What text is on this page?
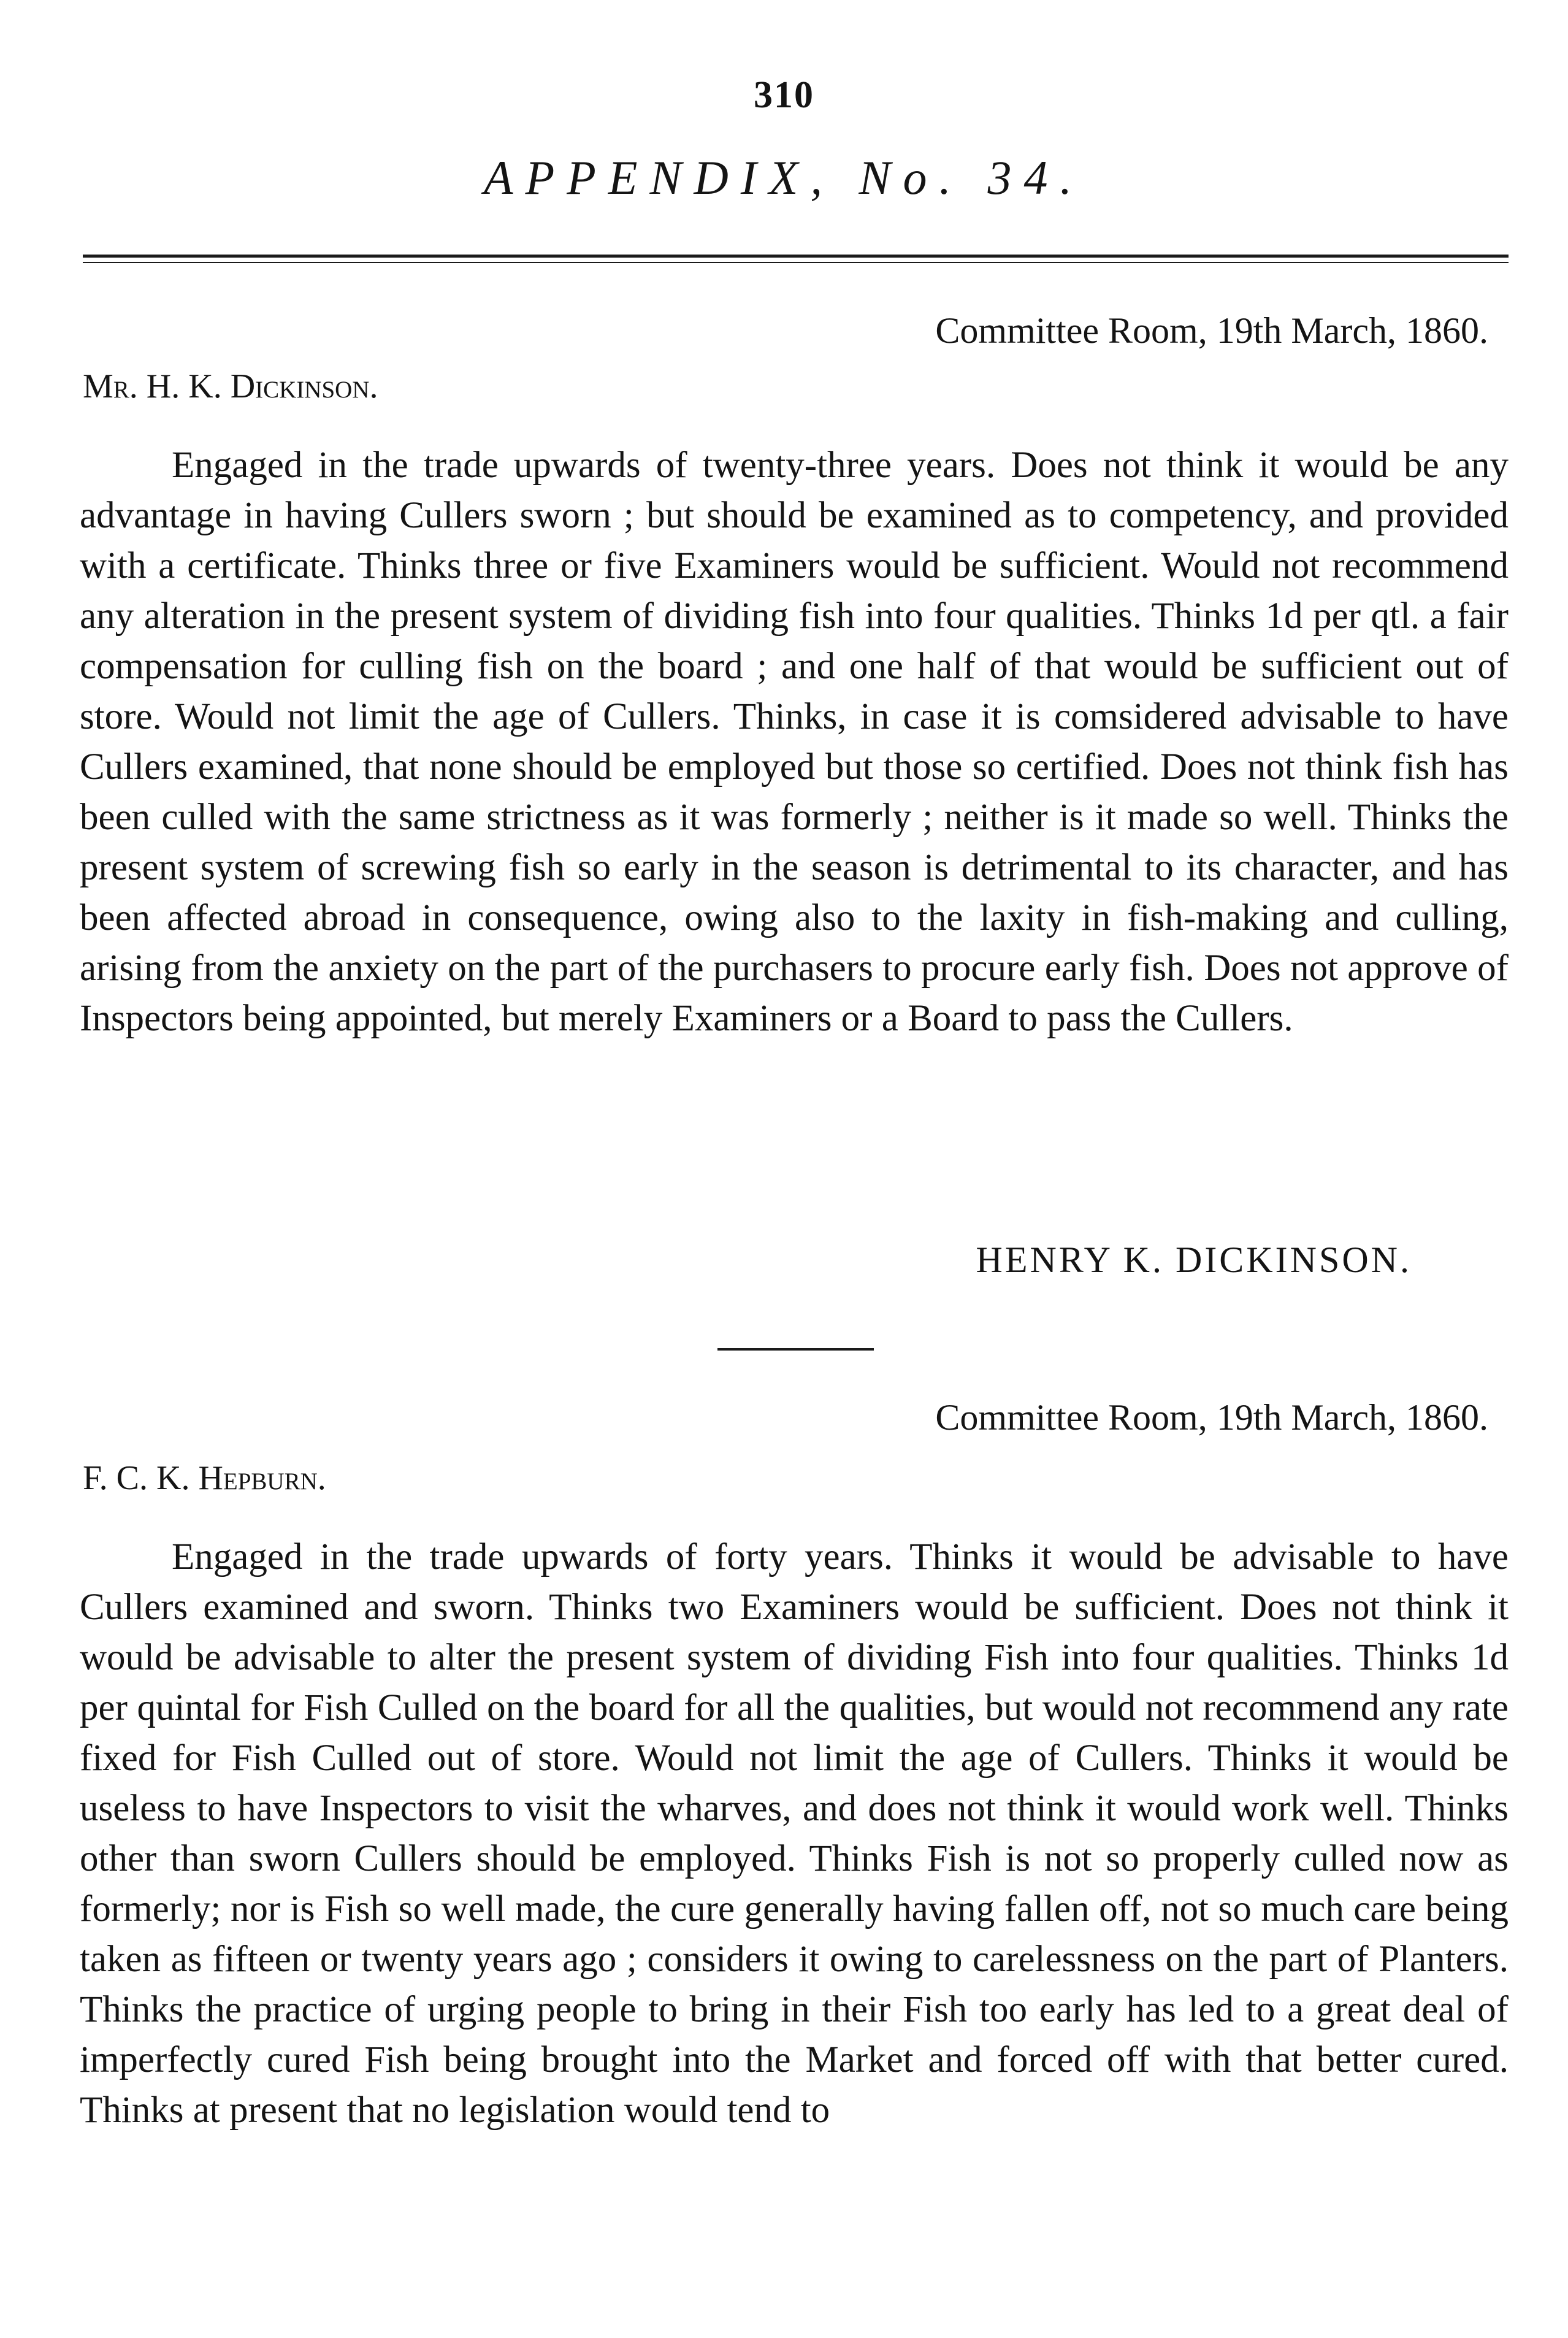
310
APPENDIX, No. 34.
Committee Room, 19th March, 1860.
Mr. H. K. Dickinson.

Engaged in the trade upwards of twenty-three years. Does not think it would be any advantage in having Cullers sworn ; but should be examined as to competency, and provided with a certificate. Thinks three or five Examiners would be sufficient. Would not recommend any alteration in the present system of dividing fish into four qualities. Thinks 1d per qtl. a fair compensation for culling fish on the board ; and one half of that would be sufficient out of store. Would not limit the age of Cullers. Thinks, in case it is comsidered advisable to have Cullers examined, that none should be employed but those so certified. Does not think fish has been culled with the same strictness as it was formerly ; neither is it made so well. Thinks the present system of screwing fish so early in the season is detrimental to its character, and has been affected abroad in consequence, owing also to the laxity in fish-making and culling, arising from the anxiety on the part of the purchasers to procure early fish. Does not approve of Inspectors being appointed, but merely Examiners or a Board to pass the Cullers.

HENRY K. DICKINSON.
Committee Room, 19th March, 1860.
F. C. K. Hepburn.

Engaged in the trade upwards of forty years. Thinks it would be advisable to have Cullers examined and sworn. Thinks two Examiners would be sufficient. Does not think it would be advisable to alter the present system of dividing Fish into four qualities. Thinks 1d per quintal for Fish Culled on the board for all the qualities, but would not recommend any rate fixed for Fish Culled out of store. Would not limit the age of Cullers. Thinks it would be useless to have Inspectors to visit the wharves, and does not think it would work well. Thinks other than sworn Cullers should be employed. Thinks Fish is not so properly culled now as formerly; nor is Fish so well made, the cure generally having fallen off, not so much care being taken as fifteen or twenty years ago ; considers it owing to carelessness on the part of Planters. Thinks the practice of urging people to bring in their Fish too early has led to a great deal of imperfectly cured Fish being brought into the Market and forced off with that better cured. Thinks at present that no legislation would tend to
